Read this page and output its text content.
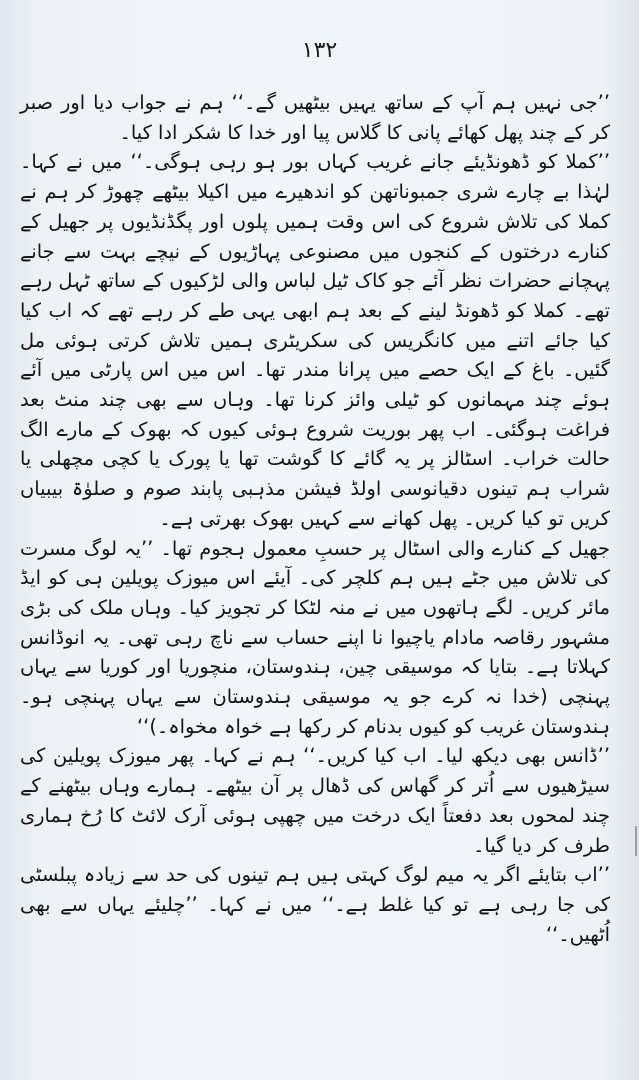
۱۳۲

’’جی نہیں ہم آپ کے ساتھ یہیں بیٹھیں گے۔‘‘ ہم نے جواب دیا اور صبر کر کے چند پھل کھائے پانی کا گلاس پیا اور خدا کا شکر ادا کیا۔

’’کملا کو ڈھونڈیئے جانے غریب کہاں بور ہو رہی ہوگی۔‘‘ میں نے کہا۔ لہٰذا بے چارے شری جمبوناتھن کو اندھیرے میں اکیلا بیٹھے چھوڑ کر ہم نے کملا کی تلاش شروع کی اس وقت ہمیں پلوں اور پگڈنڈیوں پر جھیل کے کنارے درختوں کے کنجوں میں مصنوعی پہاڑیوں کے نیچے بہت سے جانے پہچانے حضرات نظر آئے جو کاک ٹیل لباس والی لڑکیوں کے ساتھ ٹہل رہے تھے۔ کملا کو ڈھونڈ لینے کے بعد ہم ابھی یہی طے کر رہے تھے کہ اب کیا کیا جائے اتنے میں کانگریس کی سکریٹری ہمیں تلاش کرتی ہوئی مل گئیں۔ باغ کے ایک حصے میں پرانا مندر تھا۔ اس میں اس پارٹی میں آئے ہوئے چند مہمانوں کو ٹیلی وائز کرنا تھا۔ وہاں سے بھی چند منٹ بعد فراغت ہوگئی۔ اب پھر بوریت شروع ہوئی کیوں کہ بھوک کے مارے الگ حالت خراب۔ اسٹالز پر یہ گائے کا گوشت تھا یا پورک یا کچی مچھلی یا شراب ہم تینوں دقیانوسی اولڈ فیشن مذہبی پابند صوم و صلوٰۃ بیبیاں کریں تو کیا کریں۔ پھل کھانے سے کہیں بھوک بھرتی ہے۔

جھیل کے کنارے والی اسٹال پر حسبِ معمول ہجوم تھا۔ ’’یہ لوگ مسرت کی تلاش میں جٹے ہیں ہم کلچر کی۔ آیئے اس میوزک پویلین ہی کو ایڈ مائر کریں۔ لگے ہاتھوں میں نے منہ لٹکا کر تجویز کیا۔ وہاں ملک کی بڑی مشہور رقاصہ مادام یاچیوا نا اپنے حساب سے ناچ رہی تھی۔ یہ انوڈانس کہلاتا ہے۔ بتایا کہ موسیقی چین، ہندوستان، منچوریا اور کوریا سے یہاں پہنچی (خدا نہ کرے جو یہ موسیقی ہندوستان سے یہاں پہنچی ہو۔ ہندوستان غریب کو کیوں بدنام کر رکھا ہے خواہ مخواہ۔)‘‘

’’ڈانس بھی دیکھ لیا۔ اب کیا کریں۔‘‘ ہم نے کہا۔ پھر میوزک پویلین کی سیڑھیوں سے اُتر کر گھاس کی ڈھال پر آن بیٹھے۔ ہمارے وہاں بیٹھنے کے چند لمحوں بعد دفعتاً ایک درخت میں چھپی ہوئی آرک لائٹ کا رُخ ہماری طرف کر دیا گیا۔

’’اب بتایئے اگر یہ میم لوگ کہتی ہیں ہم تینوں کی حد سے زیادہ پبلسٹی کی جا رہی ہے تو کیا غلط ہے۔‘‘ میں نے کہا۔ ’’چلیئے یہاں سے بھی اُٹھیں۔‘‘
